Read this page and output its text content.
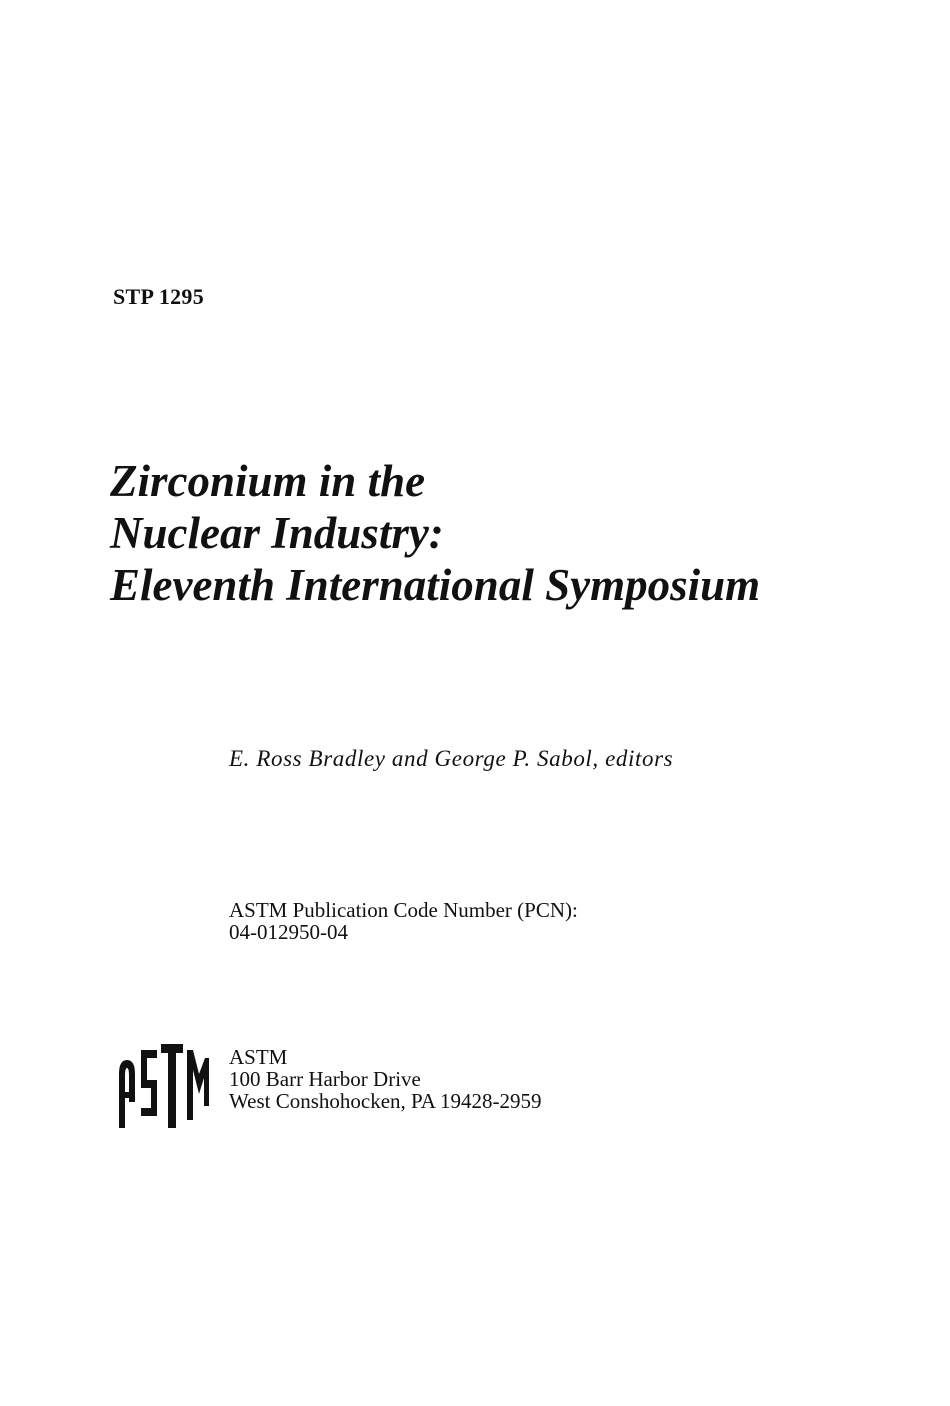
STP 1295
Zirconium in the
Nuclear Industry:
Eleventh International Symposium
E. Ross Bradley and George P. Sabol, editors
ASTM Publication Code Number (PCN):
04-012950-04
ASTM
100 Barr Harbor Drive
West Conshohocken, PA 19428-2959
